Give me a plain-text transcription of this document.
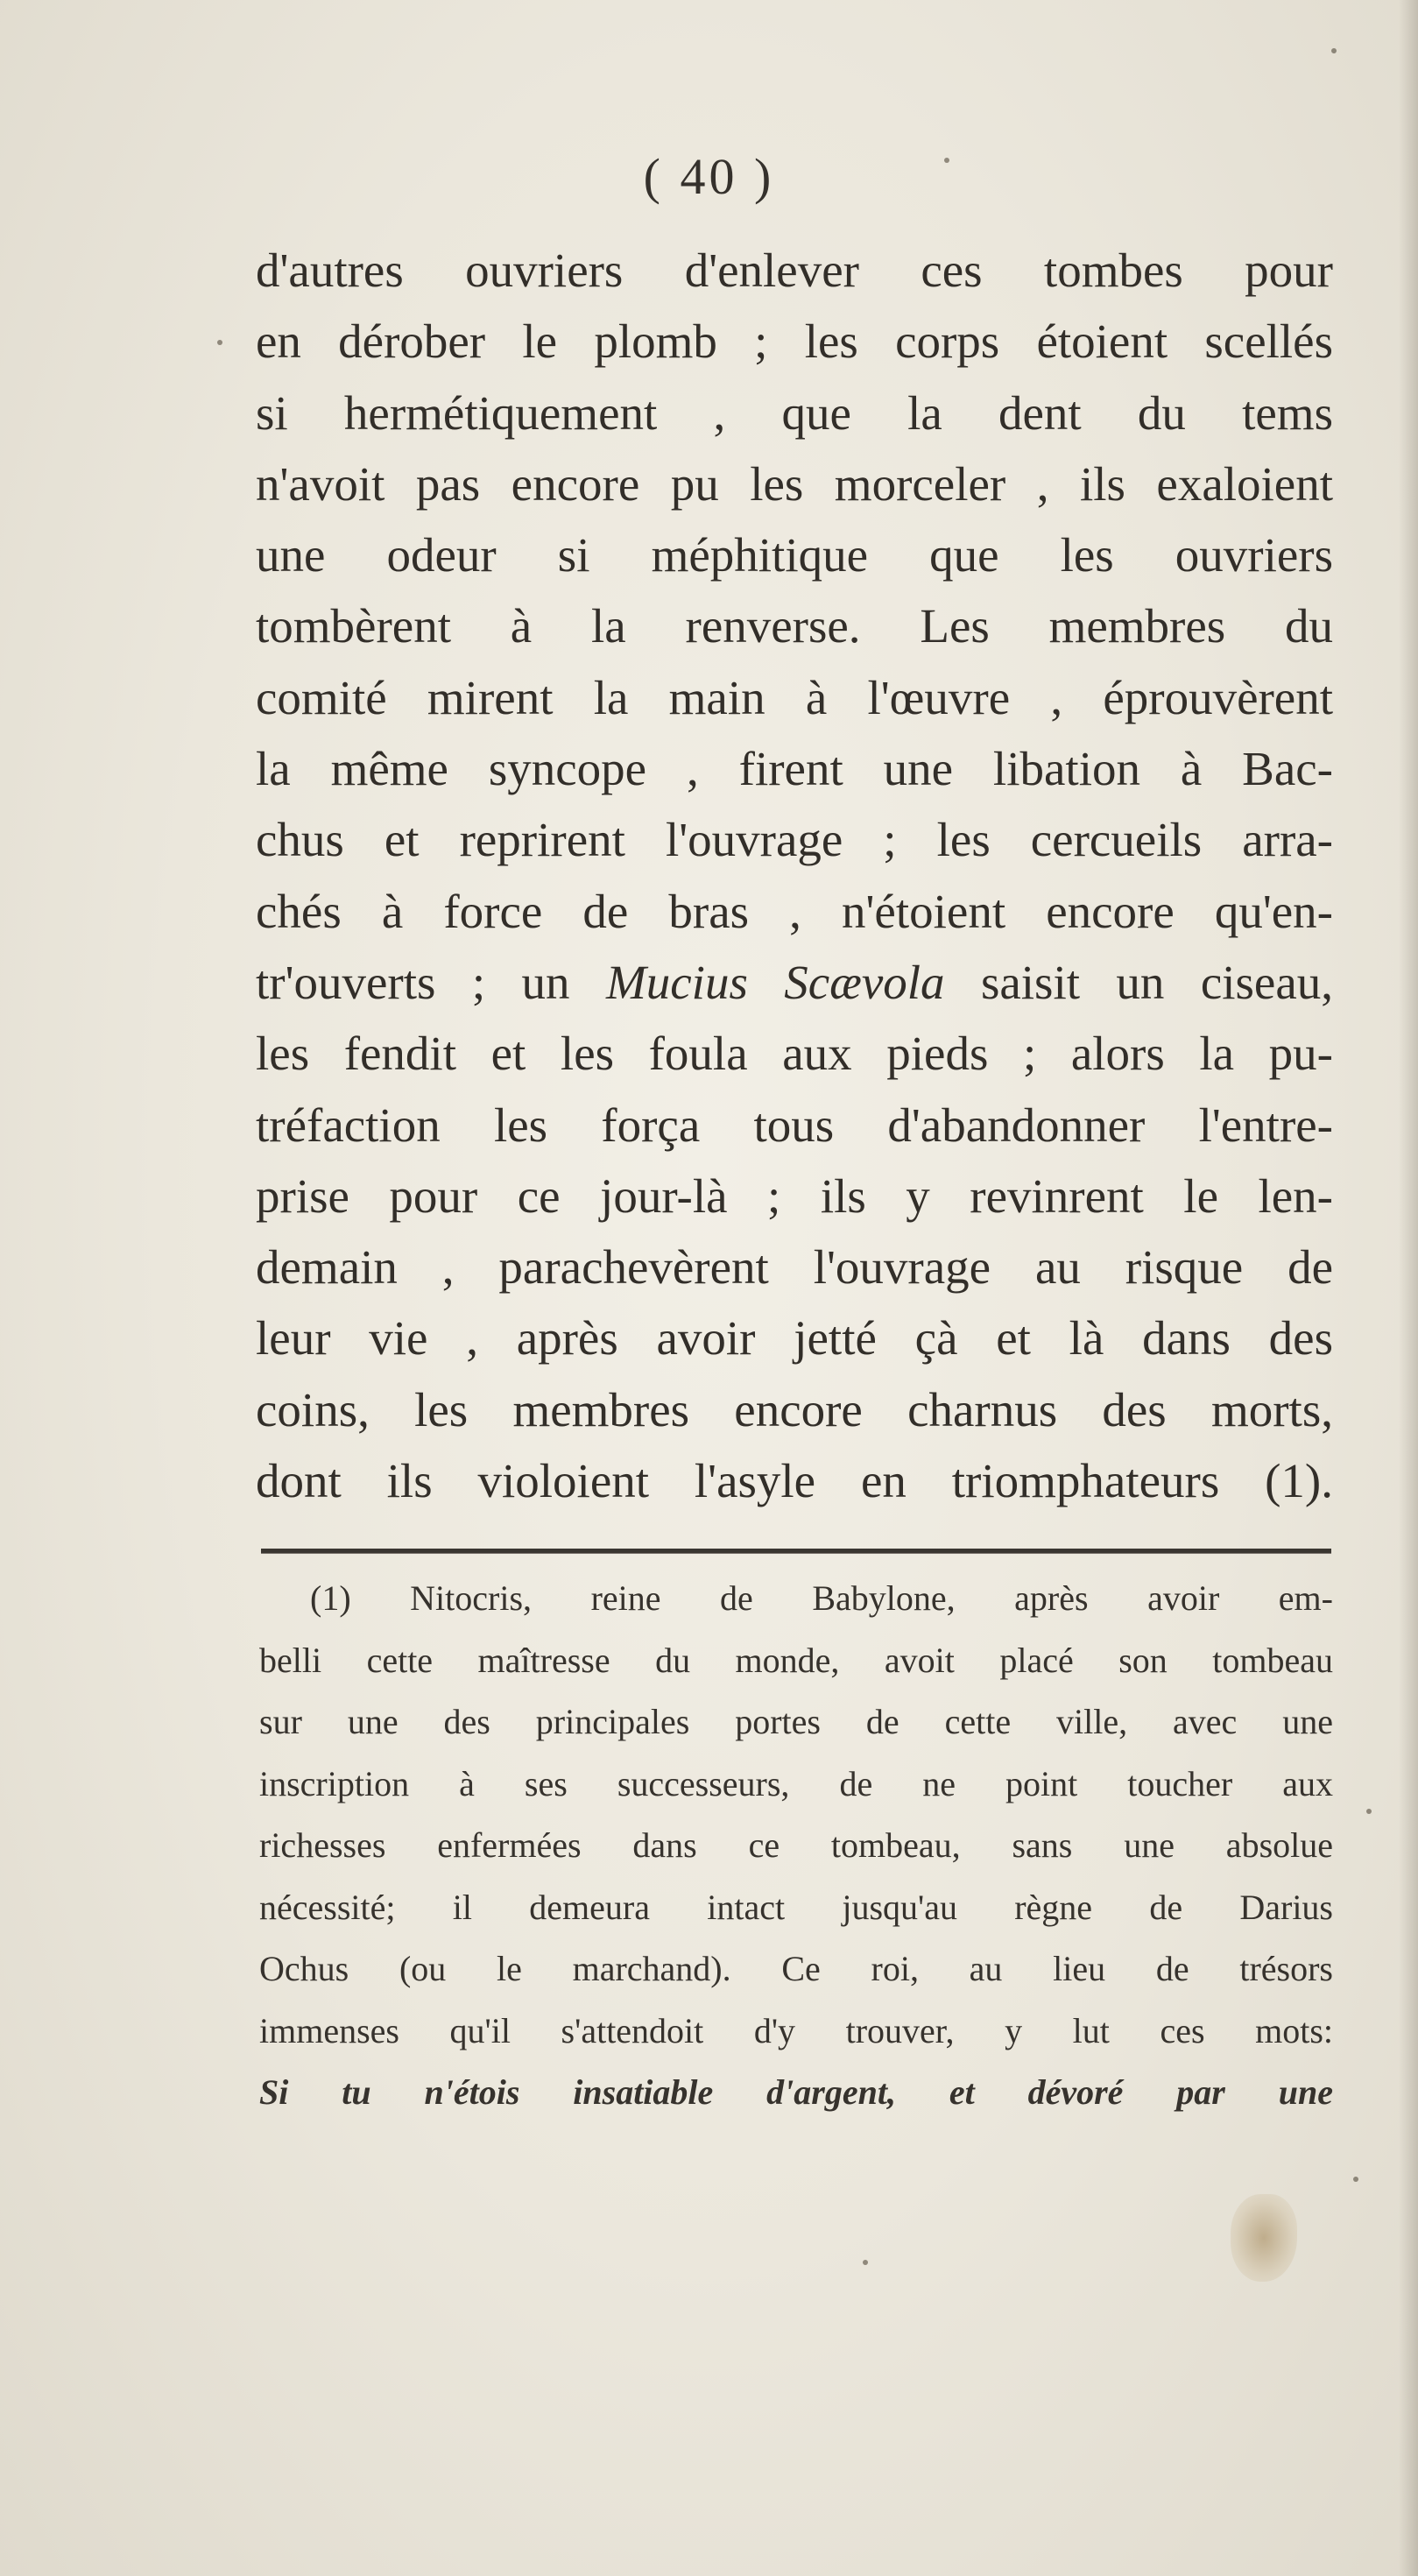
( 40 )
d'autres ouvriers d'enlever ces tombes pour
en dérober le plomb ; les corps étoient scellés
si hermétiquement , que la dent du tems
n'avoit pas encore pu les morceler , ils exaloient
une odeur si méphitique que les ouvriers
tombèrent à la renverse. Les membres du
comité mirent la main à l'œuvre , éprouvèrent
la même syncope , firent une libation à Bac-
chus et reprirent l'ouvrage ; les cercueils arra-
chés à force de bras , n'étoient encore qu'en-
tr'ouverts ; un Mucius Scævola saisit un ciseau,
les fendit et les foula aux pieds ; alors la pu-
tréfaction les força tous d'abandonner l'entre-
prise pour ce jour-là ; ils y revinrent le len-
demain , parachevèrent l'ouvrage au risque de
leur vie , après avoir jetté çà et là dans des
coins, les membres encore charnus des morts,
dont ils violoient l'asyle en triomphateurs (1).
(1) Nitocris, reine de Babylone, après avoir em-
belli cette maîtresse du monde, avoit placé son tombeau
sur une des principales portes de cette ville, avec une
inscription à ses successeurs, de ne point toucher aux
richesses enfermées dans ce tombeau, sans une absolue
nécessité; il demeura intact jusqu'au règne de Darius
Ochus (ou le marchand). Ce roi, au lieu de trésors
immenses qu'il s'attendoit d'y trouver, y lut ces mots:
Si tu n'étois insatiable d'argent, et dévoré par une
